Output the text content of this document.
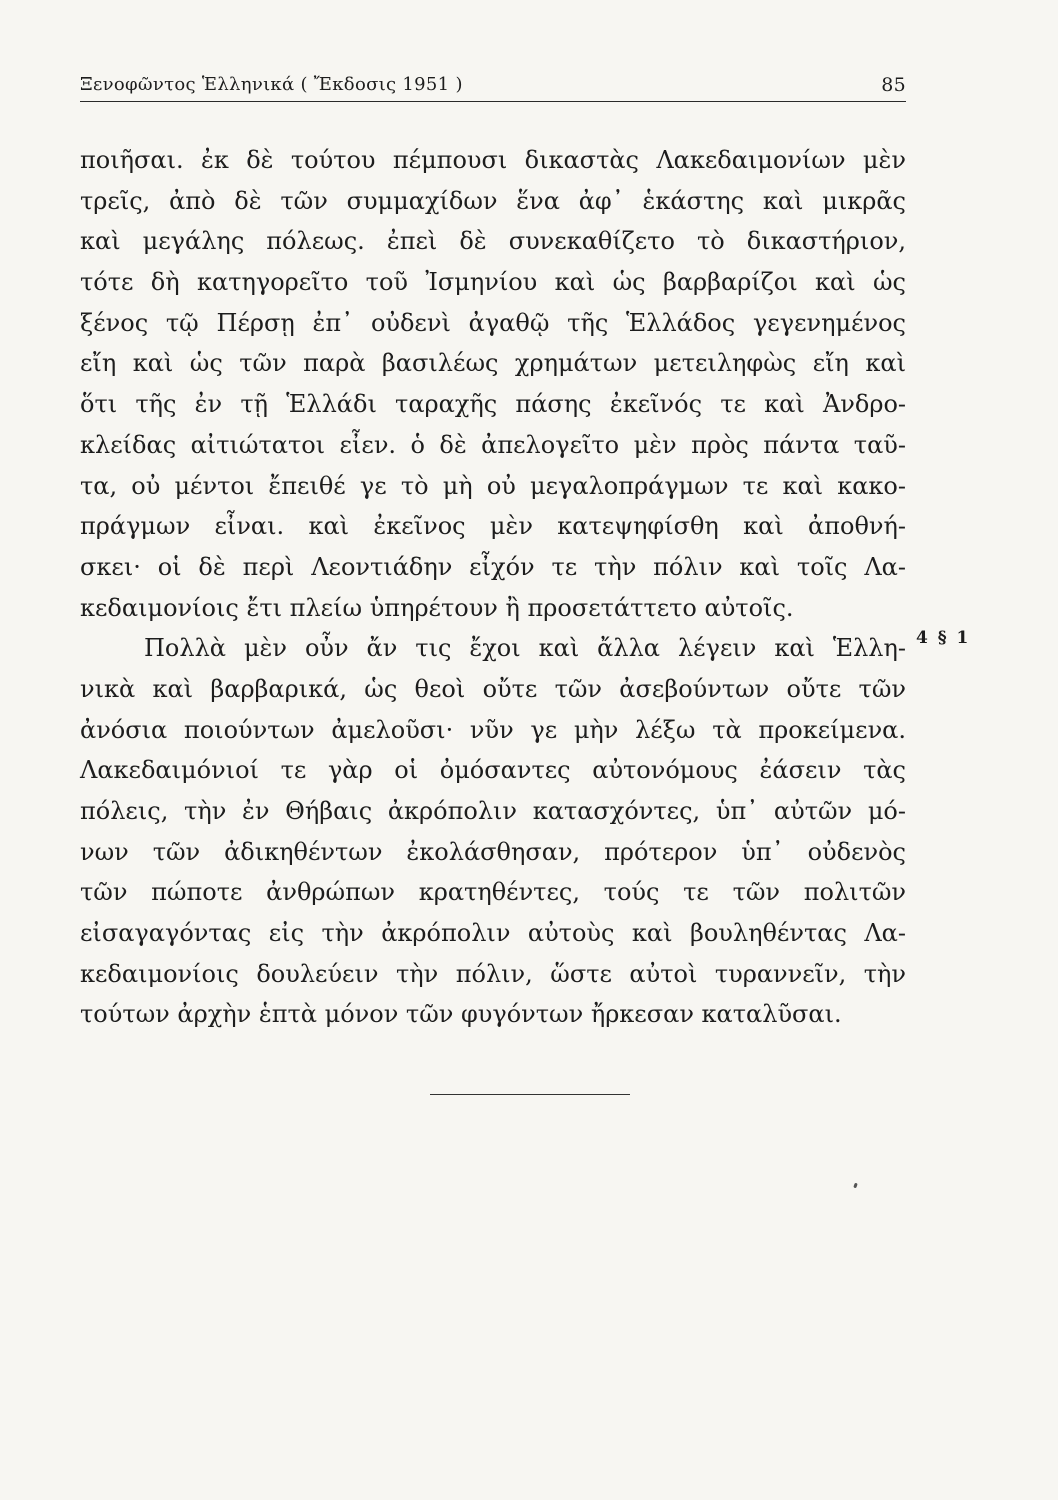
Ξενοφῶντος Ἑλληνικά ( Ἔκδοσις 1951 )	85
ποιῆσαι. ἐκ δὲ τούτου πέμπουσι δικαστὰς Λακεδαιμονίων μὲν
τρεῖς, ἀπὸ δὲ τῶν συμμαχίδων ἕνα ἀφ᾽ ἑκάστης καὶ μικρᾶς
καὶ μεγάλης πόλεως. ἐπεὶ δὲ συνεκαθίζετο τὸ δικαστήριον,
τότε δὴ κατηγορεῖτο τοῦ Ἰσμηνίου καὶ ὡς βαρβαρίζοι καὶ ὡς
ξένος τῷ Πέρσῃ ἐπ᾽ οὐδενὶ ἀγαθῷ τῆς Ἑλλάδος γεγενημένος
εἴη καὶ ὡς τῶν παρὰ βασιλέως χρημάτων μετειληφὼς εἴη καὶ
ὅτι τῆς ἐν τῇ Ἑλλάδι ταραχῆς πάσης ἐκεῖνός τε καὶ Ἀνδρο-
κλείδας αἰτιώτατοι εἶεν. ὁ δὲ ἀπελογεῖτο μὲν πρὸς πάντα ταῦ-
τα, οὐ μέντοι ἔπειθέ γε τὸ μὴ οὐ μεγαλοπράγμων τε καὶ κακο-
πράγμων εἶναι. καὶ ἐκεῖνος μὲν κατεψηφίσθη καὶ ἀποθνή-
σκει· οἱ δὲ περὶ Λεοντιάδην εἶχόν τε τὴν πόλιν καὶ τοῖς Λα-
κεδαιμονίοις ἔτι πλείω ὑπηρέτουν ἢ προσετάττετο αὐτοῖς.
Πολλὰ μὲν οὖν ἄν τις ἔχοι καὶ ἄλλα λέγειν καὶ Ἑλλη-
νικὰ καὶ βαρβαρικά, ὡς θεοὶ οὔτε τῶν ἀσεβούντων οὔτε τῶν
ἀνόσια ποιούντων ἀμελοῦσι· νῦν γε μὴν λέξω τὰ προκείμενα.
Λακεδαιμόνιοί τε γὰρ οἱ ὀμόσαντες αὐτονόμους ἐάσειν τὰς
πόλεις, τὴν ἐν Θήβαις ἀκρόπολιν κατασχόντες, ὑπ᾽ αὐτῶν μό-
νων τῶν ἀδικηθέντων ἐκολάσθησαν, πρότερον ὑπ᾽ οὐδενὸς
τῶν πώποτε ἀνθρώπων κρατηθέντες, τούς τε τῶν πολιτῶν
εἰσαγαγόντας εἰς τὴν ἀκρόπολιν αὐτοὺς καὶ βουληθέντας Λα-
κεδαιμονίοις δουλεύειν τὴν πόλιν, ὥστε αὐτοὶ τυραννεῖν, τὴν
τούτων ἀρχὴν ἑπτὰ μόνον τῶν φυγόντων ἤρκεσαν καταλῦσαι.
4 § 1
